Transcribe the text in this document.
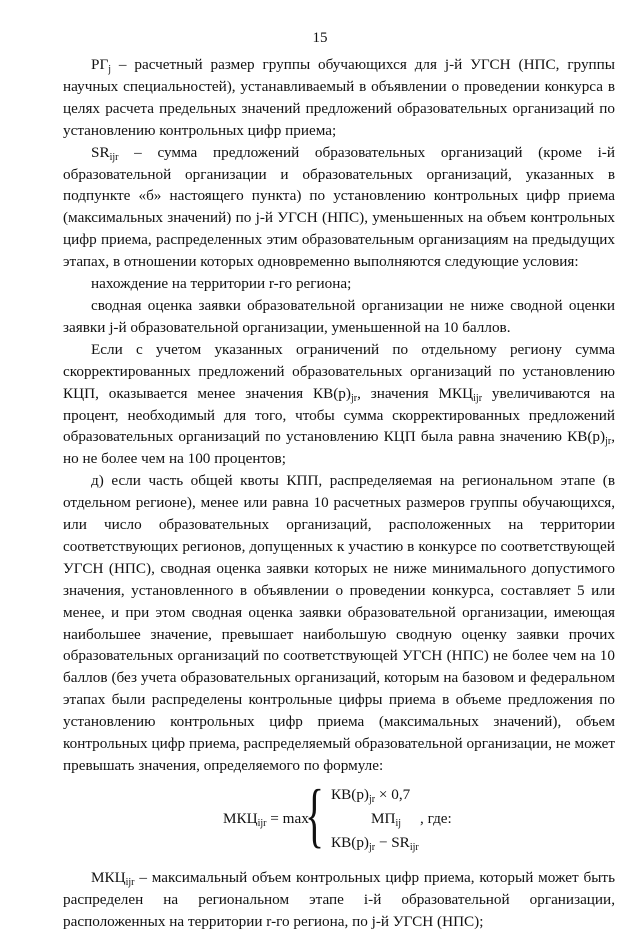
15

$РГ_j$ – расчетный размер группы обучающихся для j-й УГСН (НПС, группы научных специальностей), устанавливаемый в объявлении о проведении конкурса в целях расчета предельных значений предложений образовательных организаций по установлению контрольных цифр приема;

$SR_{ijr}$ – сумма предложений образовательных организаций (кроме i-й образовательной организации и образовательных организаций, указанных в подпункте «б» настоящего пункта) по установлению контрольных цифр приема (максимальных значений) по j-й УГСН (НПС), уменьшенных на объем контрольных цифр приема, распределенных этим образовательным организациям на предыдущих этапах, в отношении которых одновременно выполняются следующие условия:

нахождение на территории r-го региона;

сводная оценка заявки образовательной организации не ниже сводной оценки заявки j-й образовательной организации, уменьшенной на 10 баллов.

Если с учетом указанных ограничений по отдельному региону сумма скорректированных предложений образовательных организаций по установлению КЦП, оказывается менее значения $КВ(р)_{jr}$, значения $МКЦ_{ijr}$ увеличиваются на процент, необходимый для того, чтобы сумма скорректированных предложений образовательных организаций по установлению КЦП была равна значению $КВ(р)_{jr}$, но не более чем на 100 процентов;

д) если часть общей квоты КПП, распределяемая на региональном этапе (в отдельном регионе), менее или равна 10 расчетных размеров группы обучающихся, или число образовательных организаций, расположенных на территории соответствующих регионов, допущенных к участию в конкурсе по соответствующей УГСН (НПС), сводная оценка заявки которых не ниже минимального допустимого значения, установленного в объявлении о проведении конкурса, составляет 5 или менее, и при этом сводная оценка заявки образовательной организации, имеющая наибольшее значение, превышает наибольшую сводную оценку заявки прочих образовательных организаций по соответствующей УГСН (НПС) не более чем на 10 баллов (без учета образовательных организаций, которым на базовом и федеральном этапах были распределены контрольные цифры приема в объеме предложения по установлению контрольных цифр приема (максимальных значений), объем контрольных цифр приема, распределяемый образовательной организации, не может превышать значения, определяемого по формуле:

$МКЦ_{ijr} = \max$
{ $КВ(р)_{jr} \times 0,7$
$МП_{ij}$
$КВ(р)_{jr} - SR_{ijr}$
, где:

$МКЦ_{ijr}$ – максимальный объем контрольных цифр приема, который может быть распределен на региональном этапе i-й образовательной организации, расположенных на территории r-го региона, по j-й УГСН (НПС);
